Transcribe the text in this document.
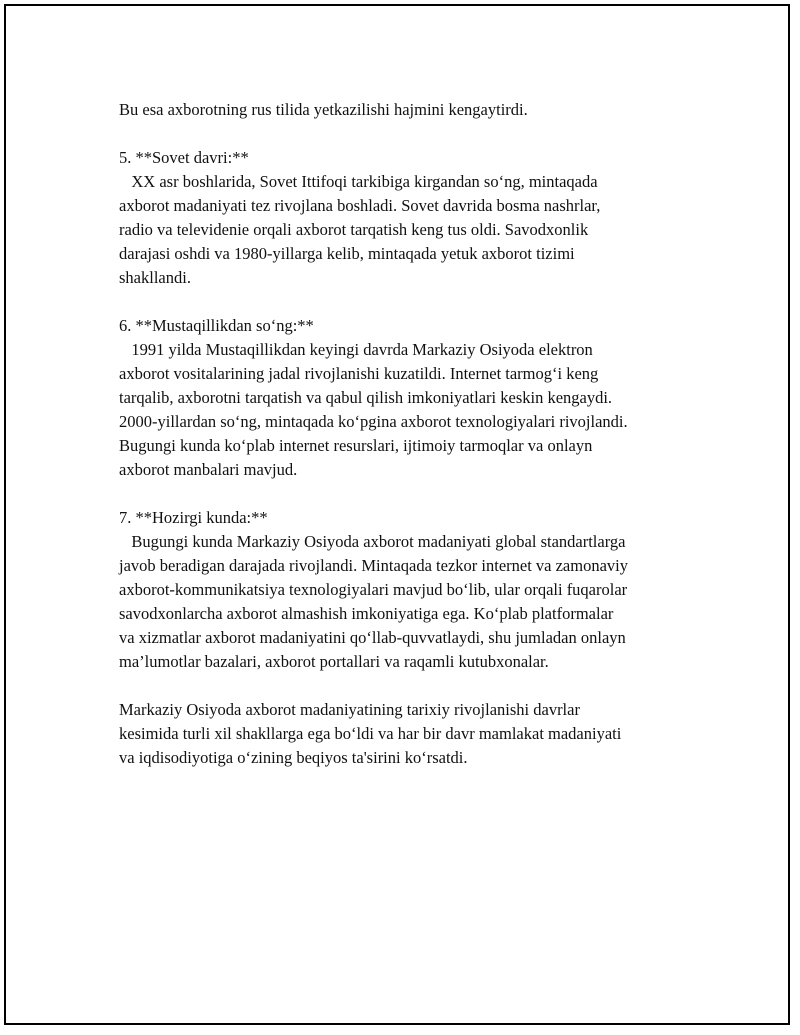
Bu esa axborotning rus tilida yetkazilishi hajmini kengaytirdi.

5. **Sovet davri:**

XX asr boshlarida, Sovet Ittifoqi tarkibiga kirgandan so‘ng, mintaqada

axborot madaniyati tez rivojlana boshladi. Sovet davrida bosma nashrlar,

radio va televidenie orqali axborot tarqatish keng tus oldi. Savodxonlik

darajasi oshdi va 1980-yillarga kelib, mintaqada yetuk axborot tizimi

shakllandi.

6. **Mustaqillikdan so‘ng:**

1991 yilda Mustaqillikdan keyingi davrda Markaziy Osiyoda elektron

axborot vositalarining jadal rivojlanishi kuzatildi. Internet tarmog‘i keng

tarqalib, axborotni tarqatish va qabul qilish imkoniyatlari keskin kengaydi.

2000-yillardan so‘ng, mintaqada ko‘pgina axborot texnologiyalari rivojlandi.

Bugungi kunda ko‘plab internet resurslari, ijtimoiy tarmoqlar va onlayn

axborot manbalari mavjud.

7. **Hozirgi kunda:**

Bugungi kunda Markaziy Osiyoda axborot madaniyati global standartlarga

javob beradigan darajada rivojlandi. Mintaqada tezkor internet va zamonaviy

axborot-kommunikatsiya texnologiyalari mavjud bo‘lib, ular orqali fuqarolar

savodxonlarcha axborot almashish imkoniyatiga ega. Ko‘plab platformalar

va xizmatlar axborot madaniyatini qo‘llab-quvvatlaydi, shu jumladan onlayn

ma’lumotlar bazalari, axborot portallari va raqamli kutubxonalar.

Markaziy Osiyoda axborot madaniyatining tarixiy rivojlanishi davrlar

kesimida turli xil shakllarga ega bo‘ldi va har bir davr mamlakat madaniyati

va iqdisodiyotiga o‘zining beqiyos ta'sirini ko‘rsatdi.
